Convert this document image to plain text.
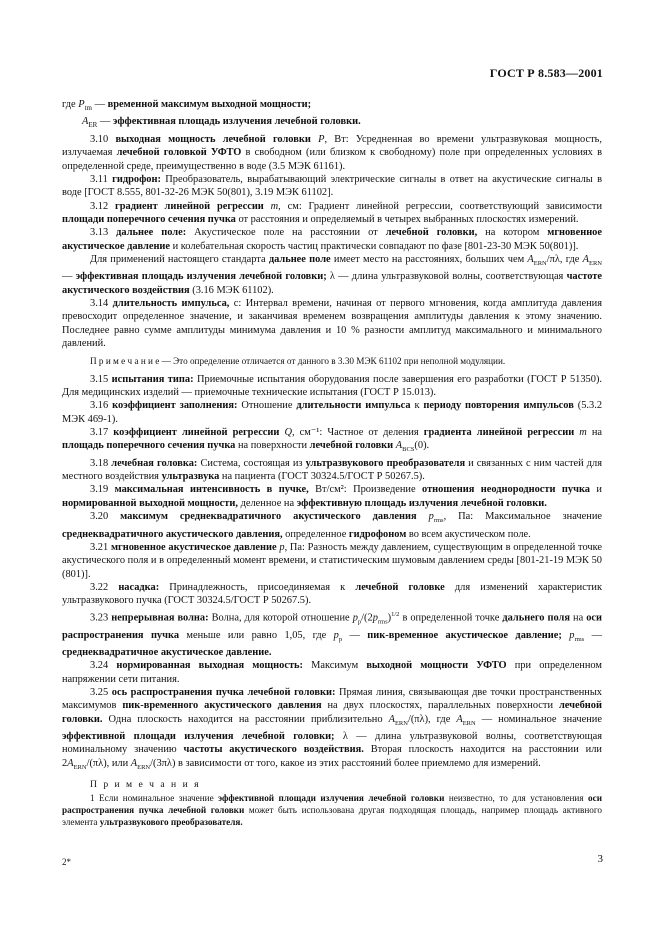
ГОСТ Р 8.583—2001

где $P_{tm}$ — временной максимум выходной мощности;

$A_{ER}$ — эффективная площадь излучения лечебной головки.

3.10 выходная мощность лечебной головки P, Вт: Усредненная во времени ультразвуковая мощность, излучаемая лечебной головкой УФТО в свободном (или близком к свободному) поле при определенных условиях в определенной среде, преимущественно в воде (3.5 МЭК 61161).

3.11 гидрофон: Преобразователь, вырабатывающий электрические сигналы в ответ на акустические сигналы в воде [ГОСТ 8.555, 801-32-26 МЭК 50(801), 3.19 МЭК 61102].

3.12 градиент линейной регрессии m, см: Градиент линейной регрессии, соответствующий зависимости площади поперечного сечения пучка от расстояния и определяемый в четырех выбранных плоскостях измерений.

3.13 дальнее поле: Акустическое поле на расстоянии от лечебной головки, на котором мгновенное акустическое давление и колебательная скорость частиц практически совпадают по фазе [801-23-30 МЭК 50(801)].

Для применений настоящего стандарта дальнее поле имеет место на расстояниях, больших чем $A_{ERN}/\pi\lambda$, где $A_{ERN}$ — эффективная площадь излучения лечебной головки; λ — длина ультразвуковой волны, соответствующая частоте акустического воздействия (3.16 МЭК 61102).

3.14 длительность импульса, с: Интервал времени, начиная от первого мгновения, когда амплитуда давления превосходит определенное значение, и заканчивая временем возвращения амплитуды давления к этому значению. Последнее равно сумме амплитуды минимума давления и 10 % разности амплитуд максимального и минимального давлений.

П р и м е ч а н и е — Это определение отличается от данного в 3.30 МЭК 61102 при неполной модуляции.

3.15 испытания типа: Приемочные испытания оборудования после завершения его разработки (ГОСТ Р 51350). Для медицинских изделий — приемочные технические испытания (ГОСТ Р 15.013).

3.16 коэффициент заполнения: Отношение длительности импульса к периоду повторения импульсов (5.3.2 МЭК 469-1).

3.17 коэффициент линейной регрессии Q, см⁻¹: Частное от деления градиента линейной регрессии m на площадь поперечного сечения пучка на поверхности лечебной головки $A_{BCS}(0)$.

3.18 лечебная головка: Система, состоящая из ультразвукового преобразователя и связанных с ним частей для местного воздействия ультразвука на пациента (ГОСТ 30324.5/ГОСТ Р 50267.5).

3.19 максимальная интенсивность в пучке, Вт/см²: Произведение отношения неоднородности пучка и нормированной выходной мощности, деленное на эффективную площадь излучения лечебной головки.

3.20 максимум среднеквадратичного акустического давления $p_{rms}$, Па: Максимальное значение среднеквадратичного акустического давления, определенное гидрофоном во всем акустическом поле.

3.21 мгновенное акустическое давление p, Па: Разность между давлением, существующим в определенной точке акустического поля и в определенный момент времени, и статистическим шумовым давлением среды [801-21-19 МЭК 50 (801)].

3.22 насадка: Принадлежность, присоединяемая к лечебной головке для изменений характеристик ультразвукового пучка (ГОСТ 30324.5/ГОСТ Р 50267.5).

3.23 непрерывная волна: Волна, для которой отношение $p_p/(2p_{rms})^{1/2}$ в определенной точке дальнего поля на оси распространения пучка меньше или равно 1,05, где $p_p$ — пик-временное акустическое давление; $p_{rms}$ — среднеквадратичное акустическое давление.

3.24 нормированная выходная мощность: Максимум выходной мощности УФТО при определенном напряжении сети питания.

3.25 ось распространения пучка лечебной головки: Прямая линия, связывающая две точки пространственных максимумов пик-временного акустического давления на двух плоскостях, параллельных поверхности лечебной головки. Одна плоскость находится на расстоянии приблизительно $A_{ERN}/(\pi\lambda)$, где $A_{ERN}$ — номинальное значение эффективной площади излучения лечебной головки; λ — длина ультразвуковой волны, соответствующая номинальному значению частоты акустического воздействия. Вторая плоскость находится на расстоянии или $2A_{ERN}/(\pi\lambda)$, или $A_{ERN}/(3\pi\lambda)$ в зависимости от того, какое из этих расстояний более приемлемо для измерений.

П р и м е ч а н и я

1 Если номинальное значение эффективной площади излучения лечебной головки неизвестно, то для установления оси распространения пучка лечебной головки может быть использована другая подходящая площадь, например площадь активного элемента ультразвукового преобразователя.

2*	3
